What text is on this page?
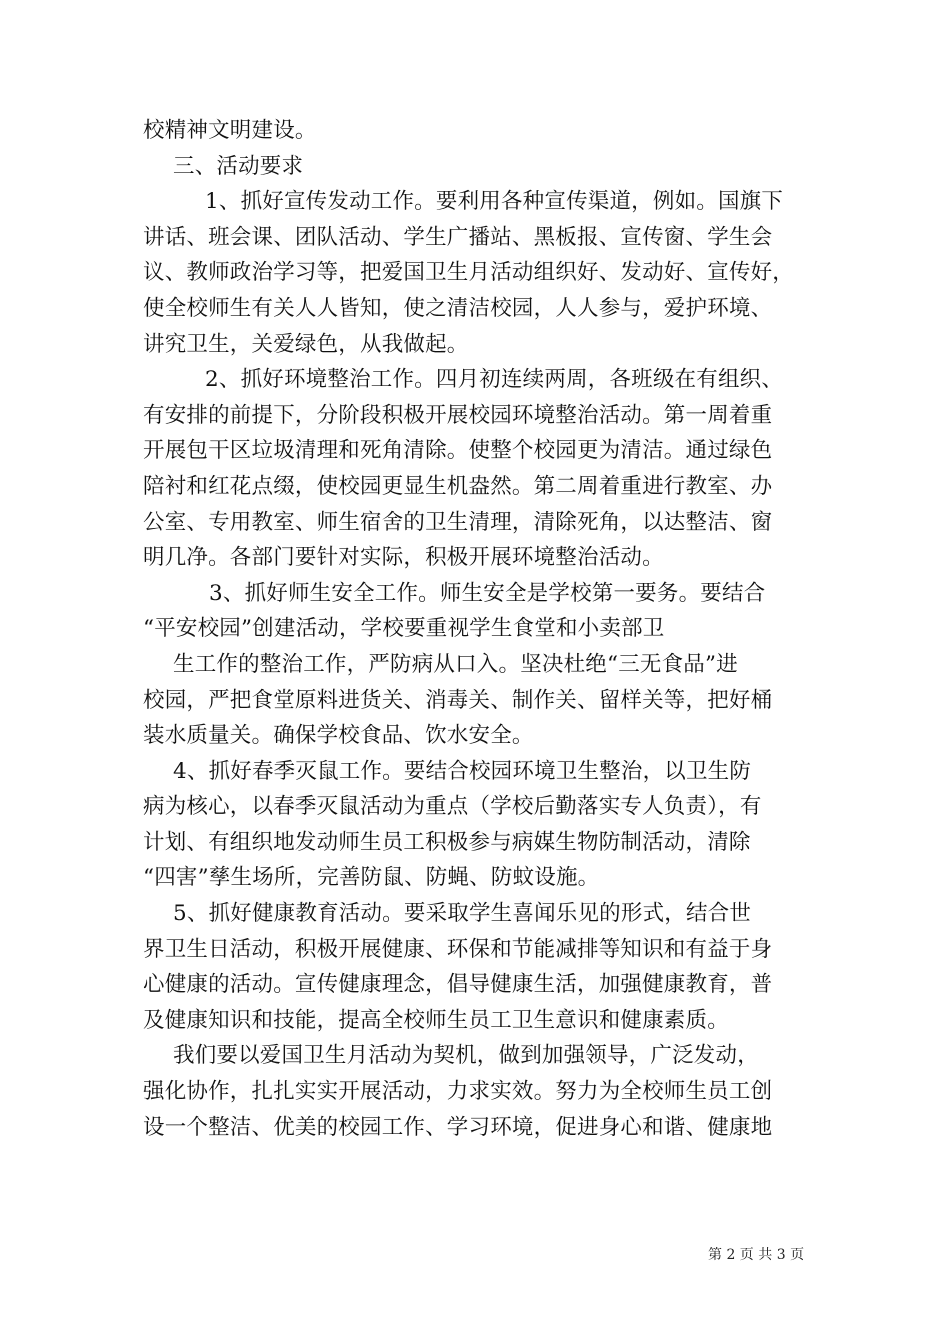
校精神文明建设。
三、活动要求
1、抓好宣传发动工作。要利用各种宣传渠道，例如。国旗下
讲话、班会课、团队活动、学生广播站、黑板报、宣传窗、学生会
议、教师政治学习等，把爱国卫生月活动组织好、发动好、宣传好，
使全校师生有关人人皆知，使之清洁校园，人人参与，爱护环境、
讲究卫生，关爱绿色，从我做起。
2、抓好环境整治工作。四月初连续两周，各班级在有组织、
有安排的前提下，分阶段积极开展校园环境整治活动。第一周着重
开展包干区垃圾清理和死角清除。使整个校园更为清洁。通过绿色
陪衬和红花点缀，使校园更显生机盎然。第二周着重进行教室、办
公室、专用教室、师生宿舍的卫生清理，清除死角，以达整洁、窗
明几净。各部门要针对实际，积极开展环境整治活动。
3、抓好师生安全工作。师生安全是学校第一要务。要结合
“平安校园”创建活动，学校要重视学生食堂和小卖部卫
生工作的整治工作，严防病从口入。坚决杜绝“三无食品”进
校园，严把食堂原料进货关、消毒关、制作关、留样关等，把好桶
装水质量关。确保学校食品、饮水安全。
4、抓好春季灭鼠工作。要结合校园环境卫生整治，以卫生防
病为核心，以春季灭鼠活动为重点（学校后勤落实专人负责），有
计划、有组织地发动师生员工积极参与病媒生物防制活动，清除
“四害”孳生场所，完善防鼠、防蝇、防蚊设施。
5、抓好健康教育活动。要采取学生喜闻乐见的形式，结合世
界卫生日活动，积极开展健康、环保和节能减排等知识和有益于身
心健康的活动。宣传健康理念，倡导健康生活，加强健康教育，普
及健康知识和技能，提高全校师生员工卫生意识和健康素质。
我们要以爱国卫生月活动为契机，做到加强领导，广泛发动，
强化协作，扎扎实实开展活动，力求实效。努力为全校师生员工创
设一个整洁、优美的校园工作、学习环境，促进身心和谐、健康地
第 2 页 共 3 页
